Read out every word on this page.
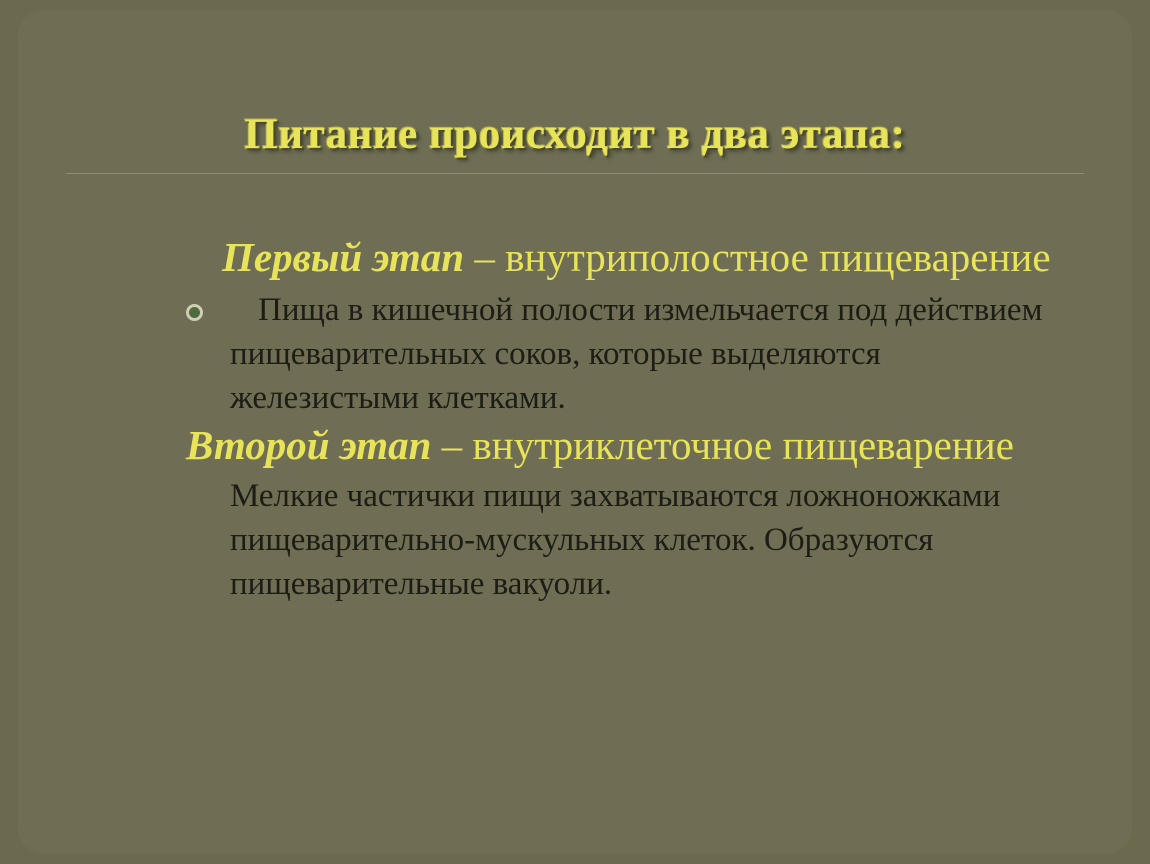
Питание происходит в два этапа:

Первый этап – внутриполостное пищеварение

Пища в кишечной полости измельчается под действием пищеварительных соков, которые выделяются железистыми клетками.

Второй этап – внутриклеточное пищеварение

Мелкие частички пищи захватываются ложноножками пищеварительно-мускульных клеток. Образуются пищеварительные вакуоли.
